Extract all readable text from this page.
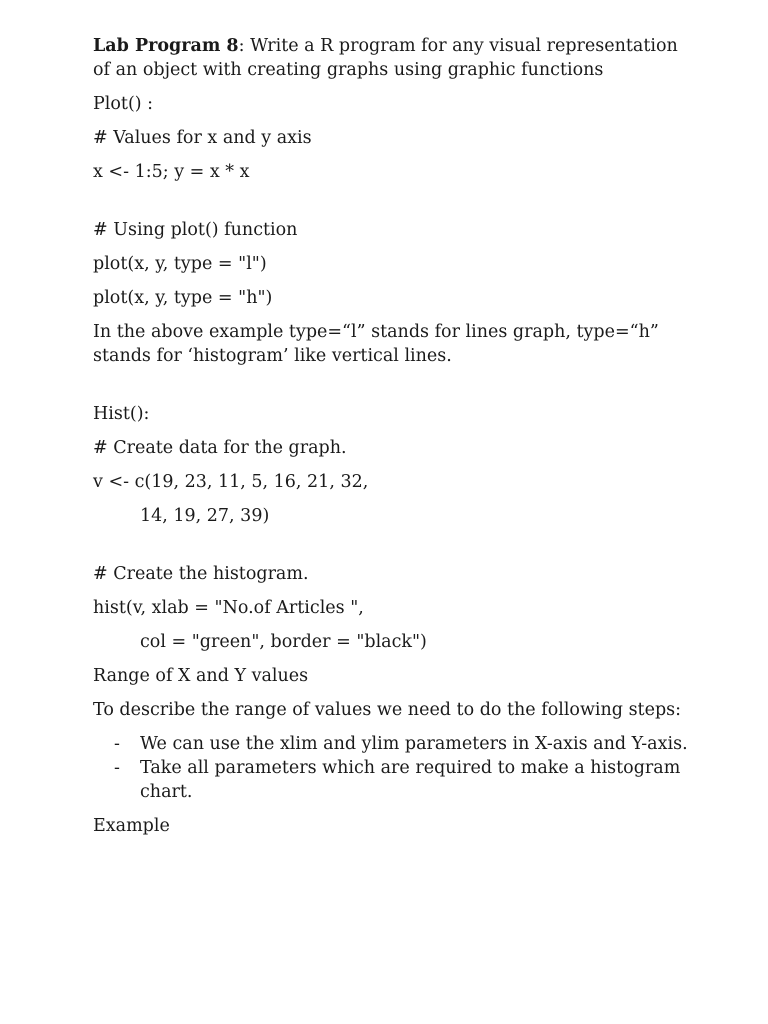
Lab Program 8: Write a R program for any visual representation of an object with creating graphs using graphic functions

Plot() :

# Values for x and y axis

x <- 1:5; y = x * x

# Using plot() function

plot(x, y, type = "l")

plot(x, y, type = "h")

In the above example type=“l” stands for lines graph, type=“h” stands for ‘histogram’ like vertical lines.

Hist():

# Create data for the graph.

v <- c(19, 23, 11, 5, 16, 21, 32,

14, 19, 27, 39)

# Create the histogram.

hist(v, xlab = "No.of Articles ",

col = "green", border = "black")

Range of X and Y values

To describe the range of values we need to do the following steps:

- We can use the xlim and ylim parameters in X-axis and Y-axis.
- Take all parameters which are required to make a histogram chart.

Example
